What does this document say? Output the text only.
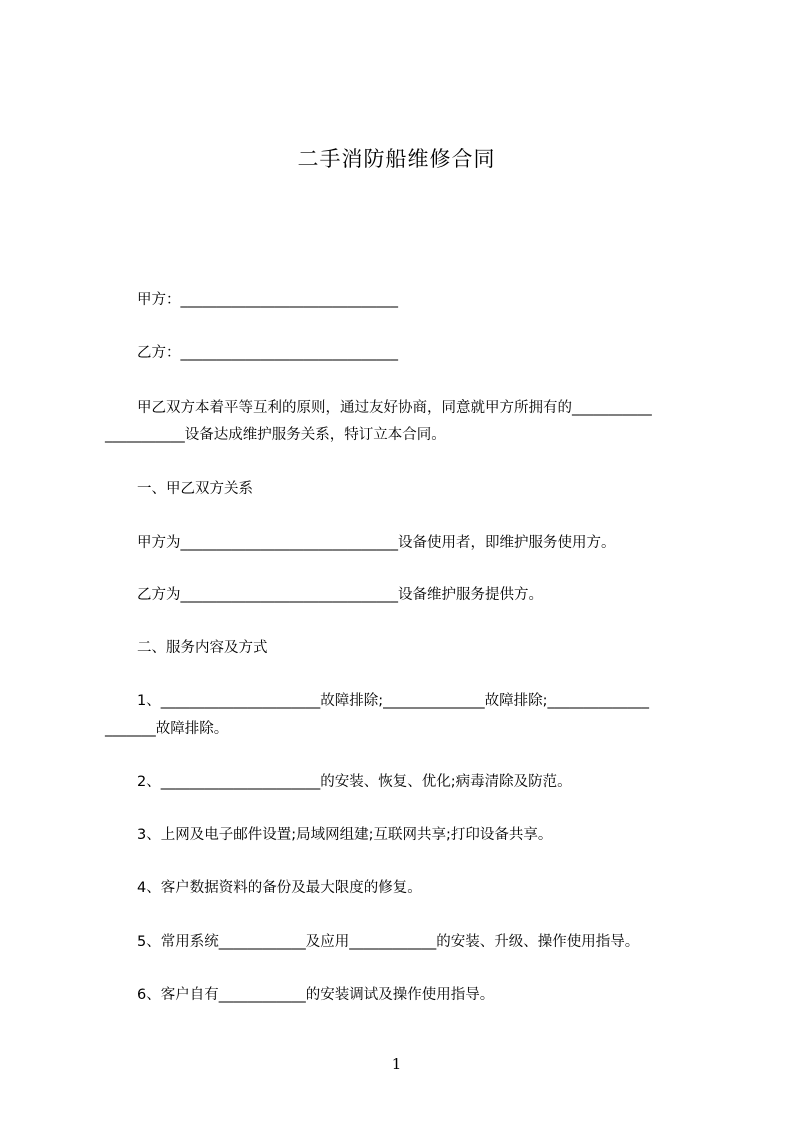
二手消防船维修合同
甲方：______________________________
乙方：______________________________
甲乙双方本着平等互利的原则，通过友好协商，同意就甲方所拥有的___________
___________设备达成维护服务关系，特订立本合同。
一、甲乙双方关系
甲方为______________________________设备使用者，即维护服务使用方。
乙方为______________________________设备维护服务提供方。
二、服务内容及方式
1、______________________故障排除;______________故障排除;______________
_______故障排除。
2、______________________的安装、恢复、优化;病毒清除及防范。
3、上网及电子邮件设置;局域网组建;互联网共享;打印设备共享。
4、客户数据资料的备份及最大限度的修复。
5、常用系统____________及应用____________的安装、升级、操作使用指导。
6、客户自有____________的安装调试及操作使用指导。
1
